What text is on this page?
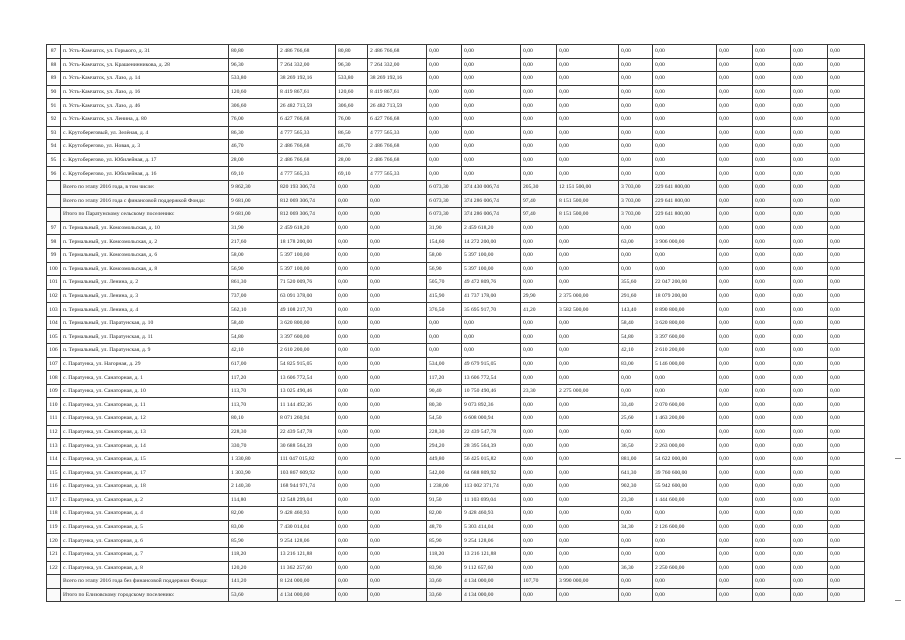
87	п. Усть-Камчатск, ул. Горького, д. 31	80,80	2 486 766,68	80,80	2 486 766,68	0,00	0,00	0,00	0,00	0,00	0,00	0,00	0,00	0,00	0,00
88	п. Усть-Камчатск, ул. Крашенинникова, д. 28	96,30	7 264 332,00	96,30	7 264 332,00	0,00	0,00	0,00	0,00	0,00	0,00	0,00	0,00	0,00	0,00
89	п. Усть-Камчатск, ул. Лазо, д. 14	533,80	38 269 192,16	533,80	38 269 192,16	0,00	0,00	0,00	0,00	0,00	0,00	0,00	0,00	0,00	0,00
90	п. Усть-Камчатск, ул. Лазо, д. 16	120,60	8 419 867,61	120,60	8 419 867,61	0,00	0,00	0,00	0,00	0,00	0,00	0,00	0,00	0,00	0,00
91	п. Усть-Камчатск, ул. Лазо, д. 46	306,60	26 482 713,59	306,60	26 482 713,59	0,00	0,00	0,00	0,00	0,00	0,00	0,00	0,00	0,00	0,00
92	п. Усть-Камчатск, ул. Ленина, д. 80	76,00	6 427 766,68	76,00	6 427 766,68	0,00	0,00	0,00	0,00	0,00	0,00	0,00	0,00	0,00	0,00
93	с. Крутобереговый, ул. Зелёная, д. 4	86,30	4 777 565,33	86,50	4 777 565,33	0,00	0,00	0,00	0,00	0,00	0,00	0,00	0,00	0,00	0,00
94	с. Крутоберегово, ул. Новая, д. 3	46,70	2 486 766,68	46,70	2 486 766,68	0,00	0,00	0,00	0,00	0,00	0,00	0,00	0,00	0,00	0,00
95	с. Крутоберегово, ул. Юбилейная, д. 17	28,00	2 486 766,68	28,00	2 486 766,68	0,00	0,00	0,00	0,00	0,00	0,00	0,00	0,00	0,00	0,00
96	с. Крутоберегово, ул. Юбилейная, д. 16	69,10	4 777 565,33	69,10	4 777 565,33	0,00	0,00	0,00	0,00	0,00	0,00	0,00	0,00	0,00	0,00
	Всего по этапу 2016 года, в том числе:	9 862,30	820 193 306,74	0,00	0,00	6 073,30	374 430 006,74	205,30	12 151 500,00	3 703,00	229 641 800,00	0,00	0,00	0,00	0,00
	Всего по этапу 2016 года с финансовой поддержкой Фонда:	9 681,00	812 069 306,74	0,00	0,00	6 073,30	374 286 006,74	97,40	8 151 500,00	3 703,00	229 641 800,00	0,00	0,00	0,00	0,00
	Итого по Паратунскому сельскому поселению:	9 681,00	812 069 306,74	0,00	0,00	6 073,30	374 286 006,74	97,40	8 151 500,00	3 703,00	229 641 800,00	0,00	0,00	0,00	0,00
97	п. Термальный, ул. Комсомольская, д. 10	31,90	2 459 618,20	0,00	0,00	31,90	2 459 618,20	0,00	0,00	0,00	0,00	0,00	0,00	0,00	0,00
98	п. Термальный, ул. Комсомольская, д. 2	217,60	18 178 200,00	0,00	0,00	154,60	14 272 200,00	0,00	0,00	63,00	3 906 000,00	0,00	0,00	0,00	0,00
99	п. Термальный, ул. Комсомольская, д. 6	58,00	5 397 100,00	0,00	0,00	58,00	5 397 100,00	0,00	0,00	0,00	0,00	0,00	0,00	0,00	0,00
100	п. Термальный, ул. Комсомольская, д. 8	56,90	5 397 100,00	0,00	0,00	56,90	5 397 100,00	0,00	0,00	0,00	0,00	0,00	0,00	0,00	0,00
101	п. Термальный, ул. Ленина, д. 2	861,30	71 520 009,76	0,00	0,00	505,70	49 472 809,76	0,00	0,00	355,60	22 047 200,00	0,00	0,00	0,00	0,00
102	п. Термальный, ул. Ленина, д. 3	737,00	63 091 378,00	0,00	0,00	415,90	41 737 178,00	29,90	2 375 000,00	291,60	18 079 200,00	0,00	0,00	0,00	0,00
103	п. Термальный, ул. Ленина, д. 4	562,10	49 108 217,70	0,00	0,00	376,50	35 695 917,70	41,20	3 582 500,00	143,40	8 890 800,00	0,00	0,00	0,00	0,00
104	п. Термальный, ул. Паратунская, д. 10	58,40	3 620 800,00	0,00	0,00	0,00	0,00	0,00	0,00	58,40	3 620 800,00	0,00	0,00	0,00	0,00
105	п. Термальный, ул. Паратунская, д. 11	54,80	3 397 600,00	0,00	0,00	0,00	0,00	0,00	0,00	54,80	3 397 600,00	0,00	0,00	0,00	0,00
106	п. Термальный, ул. Паратунская, д. 9	42,10	2 610 200,00	0,00	0,00	0,00	0,00	0,00	0,00	42,10	2 610 200,00	0,00	0,00	0,00	0,00
107	с. Паратунка, ул. Нагорная, д. 29	617,00	54 825 915,05	0,00	0,00	534,00	49 679 915,05	0,00	0,00	83,00	5 146 000,00	0,00	0,00	0,00	0,00
108	с. Паратунка, ул. Санаторная, д. 1	117,20	13 606 772,54	0,00	0,00	117,20	13 606 772,54	0,00	0,00	0,00	0,00	0,00	0,00	0,00	0,00
109	с. Паратунка, ул. Санаторная, д. 10	113,70	13 025 490,46	0,00	0,00	90,40	10 750 490,46	23,30	2 275 000,00	0,00	0,00	0,00	0,00	0,00	0,00
110	с. Паратунка, ул. Санаторная, д. 11	113,70	11 144 492,36	0,00	0,00	80,30	9 073 892,36	0,00	0,00	33,40	2 070 600,00	0,00	0,00	0,00	0,00
111	с. Паратунка, ул. Санаторная, д. 12	80,10	8 071 260,94	0,00	0,00	54,50	6 608 000,94	0,00	0,00	25,60	1 463 200,00	0,00	0,00	0,00	0,00
112	с. Паратунка, ул. Санаторная, д. 13	228,30	22 439 547,78	0,00	0,00	228,30	22 439 547,78	0,00	0,00	0,00	0,00	0,00	0,00	0,00	0,00
113	с. Паратунка, ул. Санаторная, д. 14	330,70	30 688 564,39	0,00	0,00	294,20	28 395 564,39	0,00	0,00	36,50	2 263 000,00	0,00	0,00	0,00	0,00
114	с. Паратунка, ул. Санаторная, д. 15	1 330,80	111 047 015,82	0,00	0,00	449,80	56 425 015,82	0,00	0,00	881,00	54 622 000,00	0,00	0,00	0,00	0,00
115	с. Паратунка, ул. Санаторная, д. 17	1 303,90	103 867 609,92	0,00	0,00	542,00	64 688 809,92	0,00	0,00	641,30	39 760 600,00	0,00	0,00	0,00	0,00
116	с. Паратунка, ул. Санаторная, д. 18	2 140,30	168 944 971,74	0,00	0,00	1 238,00	113 002 371,74	0,00	0,00	902,30	55 942 600,00	0,00	0,00	0,00	0,00
117	с. Паратунка, ул. Санаторная, д. 2	114,80	12 548 299,04	0,00	0,00	91,50	11 103 699,04	0,00	0,00	23,30	1 444 600,00	0,00	0,00	0,00	0,00
118	с. Паратунка, ул. Санаторная, д. 4	82,00	9 428 460,93	0,00	0,00	82,00	9 428 460,93	0,00	0,00	0,00	0,00	0,00	0,00	0,00	0,00
119	с. Паратунка, ул. Санаторная, д. 5	83,00	7 430 014,04	0,00	0,00	48,70	5 303 414,04	0,00	0,00	34,30	2 126 600,00	0,00	0,00	0,00	0,00
120	с. Паратунка, ул. Санаторная, д. 6	85,90	9 254 128,06	0,00	0,00	85,90	9 254 128,06	0,00	0,00	0,00	0,00	0,00	0,00	0,00	0,00
121	с. Паратунка, ул. Санаторная, д. 7	118,20	13 216 121,88	0,00	0,00	118,20	13 216 121,88	0,00	0,00	0,00	0,00	0,00	0,00	0,00	0,00
122	с. Паратунка, ул. Санаторная, д. 8	120,20	11 362 257,60	0,00	0,00	83,90	9 112 657,60	0,00	0,00	36,30	2 250 600,00	0,00	0,00	0,00	0,00
	Всего по этапу 2016 года без финансовой поддержки Фонда:	141,20	8 124 000,00	0,00	0,00	33,60	4 134 000,00	107,70	3 990 000,00	0,00	0,00	0,00	0,00	0,00	0,00
	Итого по Елизовскому городскому поселению:	53,60	4 134 000,00	0,00	0,00	33,60	4 134 000,00	0,00	0,00	0,00	0,00	0,00	0,00	0,00	0,00
